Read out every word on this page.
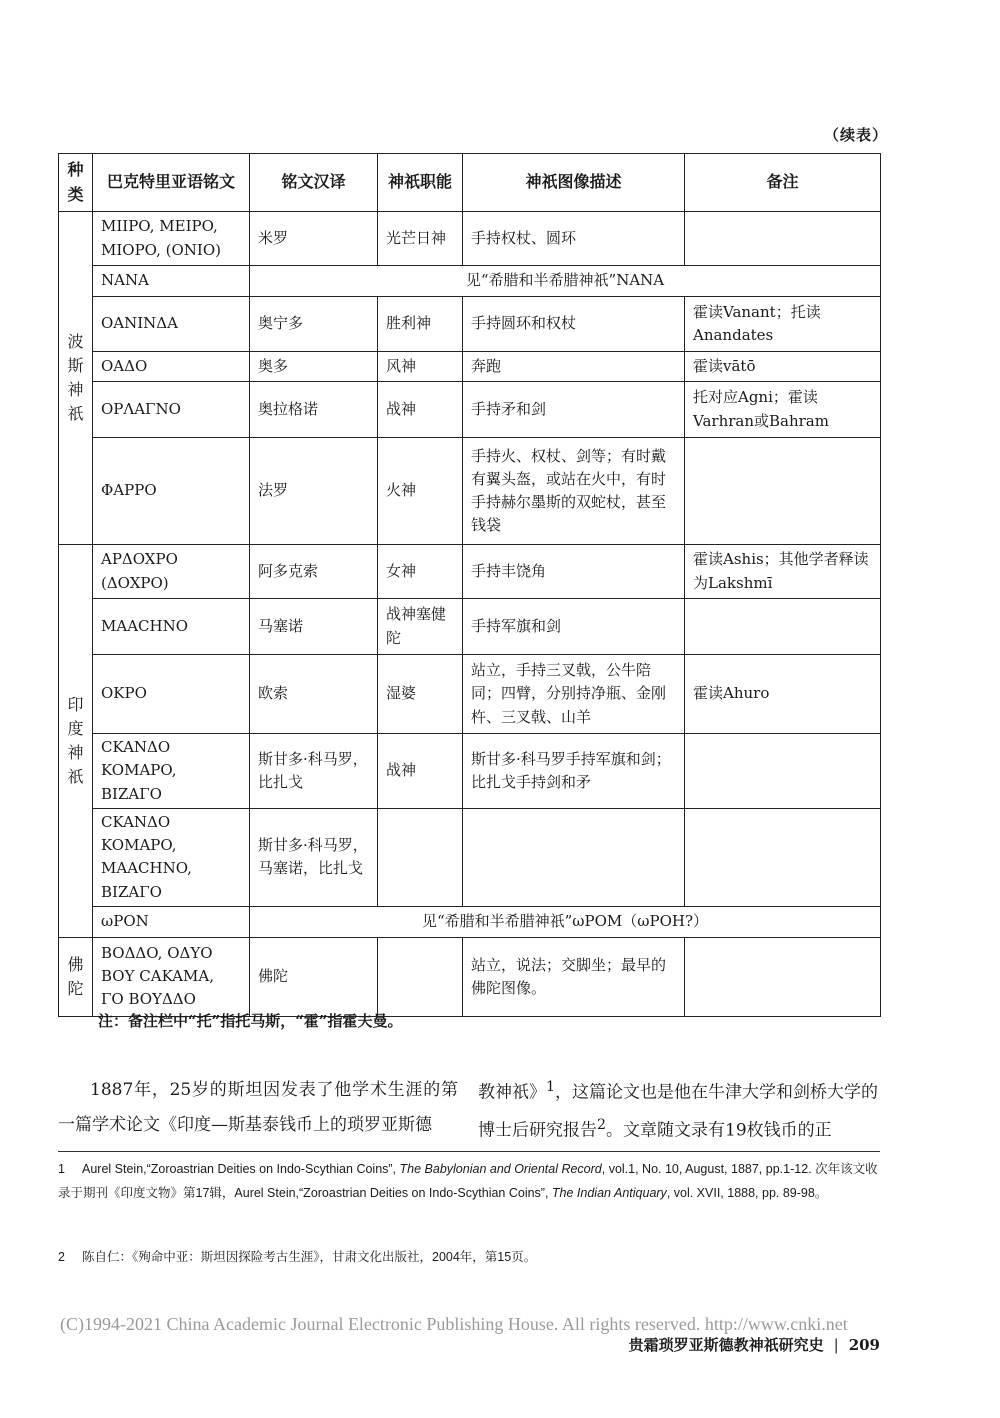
（续表）
种类	巴克特里亚语铭文	铭文汉译	神祇职能	神祇图像描述	备注
波斯神祇	MIIPO, MEIPO, MIOPO, (ONIO)	米罗	光芒日神	手持权杖、圆环	
	NANA	见“希腊和半希腊神祇”NANA			
	OANINΔA	奥宁多	胜利神	手持圆环和权杖	霍读Vanant；托读Anandates
	OAΔO	奥多	风神	奔跑	霍读vātō
	OPΛAΓNO	奥拉格诺	战神	手持矛和剑	托对应Agni；霍读Varhran或Bahram
	ΦAPPO	法罗	火神	手持火、权杖、剑等；有时戴有翼头盔，或站在火中，有时手持赫尔墨斯的双蛇杖，甚至钱袋	
印度神祇	APΔOXPO (ΔOXPO)	阿多克索	女神	手持丰饶角	霍读Ashis；其他学者释读为Lakshmī
	MAACHNO	马塞诺	战神塞健陀	手持军旗和剑	
	OKPO	欧索	湿婆	站立，手持三叉戟，公牛陪同；四臂，分别持净瓶、金刚杵、三叉戟、山羊	霍读Ahuro
	CKANΔO KOMAPO, BIZAΓO	斯甘多·科马罗，比扎戈	战神	斯甘多·科马罗手持军旗和剑；比扎戈手持剑和矛	
	CKANΔO KOMAPO, MAACHNO, BIZAΓO	斯甘多·科马罗，马塞诺，比扎戈			
	ωPON	见“希腊和半希腊神祇”ωPOM（ωPOH?）			
佛陀	BOΔΔO, OΔYO BOY CAKAMA, ΓO BOYΔΔO	佛陀		站立，说法；交脚坐；最早的佛陀图像。	
注：备注栏中“托”指托马斯，“霍”指霍夫曼。
1887年，25岁的斯坦因发表了他学术生涯的第一篇学术论文《印度—斯基泰钱币上的琐罗亚斯德
教神祇》$^1$，这篇论文也是他在牛津大学和剑桥大学的博士后研究报告$^2$。文章随文录有19枚钱币的正
1 Aurel Stein,“Zoroastrian Deities on Indo-Scythian Coins”, The Babylonian and Oriental Record, vol.1, No. 10, August, 1887, pp.1-12. 次年该文收录于期刊《印度文物》第17辑，Aurel Stein,“Zoroastrian Deities on Indo-Scythian Coins”, The Indian Antiquary, vol. XVII, 1888, pp. 89-98。
2 陈自仁：《殉命中亚：斯坦因探险考古生涯》，甘肃文化出版社，2004年，第15页。
(C)1994-2021 China Academic Journal Electronic Publishing House. All rights reserved. http://www.cnki.net
贵霜琐罗亚斯德教神祇研究史 | 209
